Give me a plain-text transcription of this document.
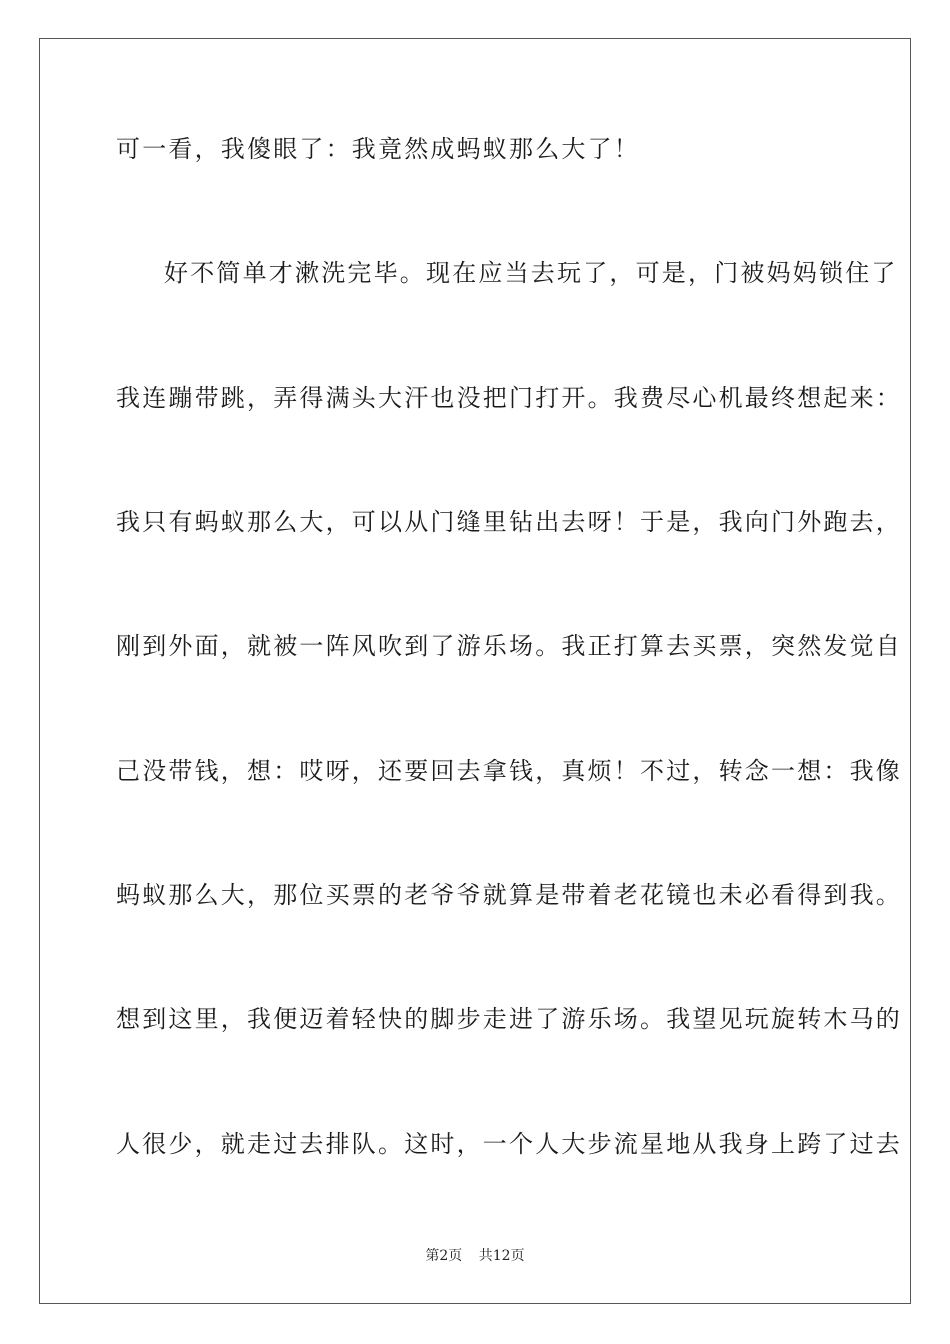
可一看，我傻眼了：我竟然成蚂蚁那么大了！
好不简单才漱洗完毕。现在应当去玩了，可是，门被妈妈锁住了
我连蹦带跳，弄得满头大汗也没把门打开。我费尽心机最终想起来：
我只有蚂蚁那么大，可以从门缝里钻出去呀！于是，我向门外跑去，
刚到外面，就被一阵风吹到了游乐场。我正打算去买票，突然发觉自
己没带钱，想：哎呀，还要回去拿钱，真烦！不过，转念一想：我像
蚂蚁那么大，那位买票的老爷爷就算是带着老花镜也未必看得到我。
想到这里，我便迈着轻快的脚步走进了游乐场。我望见玩旋转木马的
人很少，就走过去排队。这时，一个人大步流星地从我身上跨了过去
第2页 共12页
